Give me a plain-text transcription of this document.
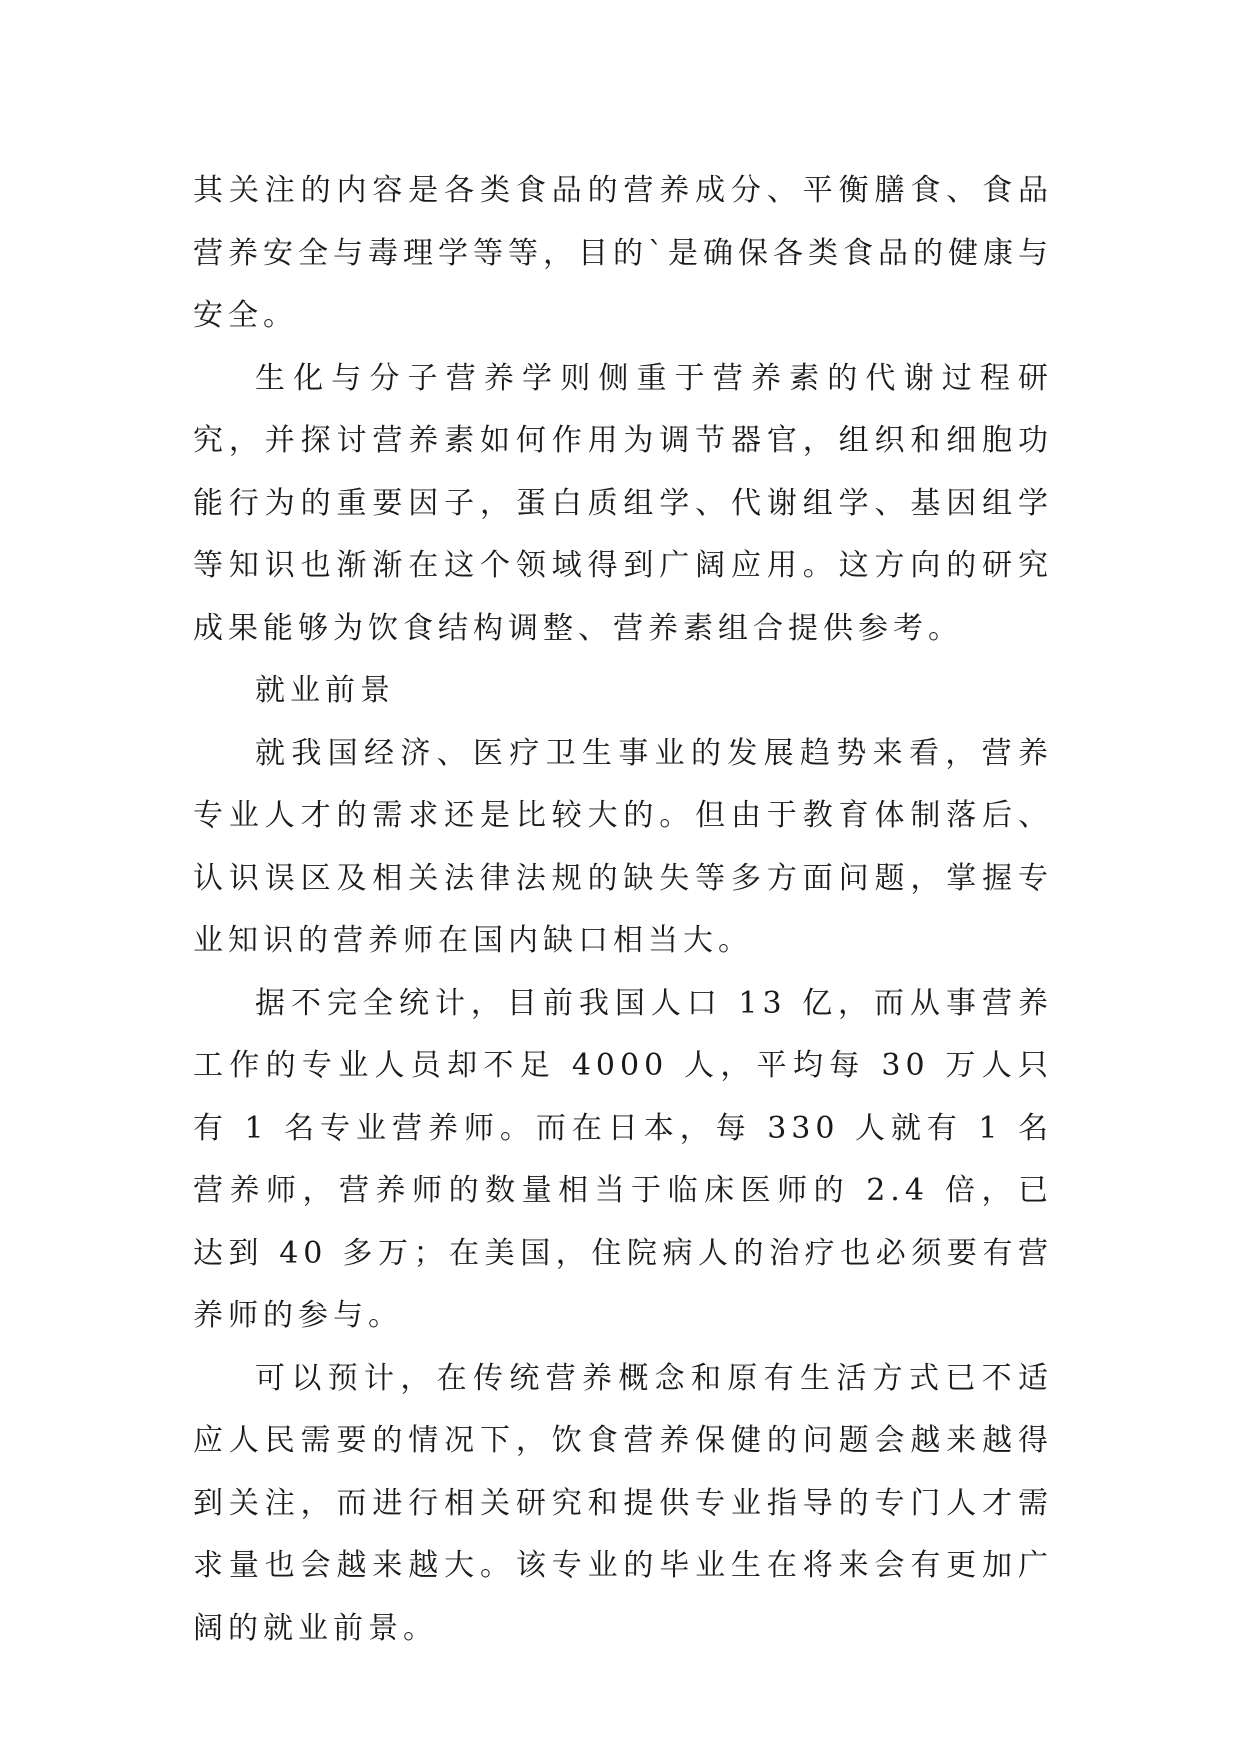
其关注的内容是各类食品的营养成分、平衡膳食、食品营养安全与毒理学等等，目的`是确保各类食品的健康与安全。

生化与分子营养学则侧重于营养素的代谢过程研究，并探讨营养素如何作用为调节器官，组织和细胞功能行为的重要因子，蛋白质组学、代谢组学、基因组学等知识也渐渐在这个领域得到广阔应用。这方向的研究成果能够为饮食结构调整、营养素组合提供参考。

就业前景

就我国经济、医疗卫生事业的发展趋势来看，营养专业人才的需求还是比较大的。但由于教育体制落后、认识误区及相关法律法规的缺失等多方面问题，掌握专业知识的营养师在国内缺口相当大。

据不完全统计，目前我国人口 13 亿，而从事营养工作的专业人员却不足 4000 人，平均每 30 万人只有 1 名专业营养师。而在日本，每 330 人就有 1 名营养师，营养师的数量相当于临床医师的 2.4 倍，已达到 40 多万；在美国，住院病人的治疗也必须要有营养师的参与。

可以预计，在传统营养概念和原有生活方式已不适应人民需要的情况下，饮食营养保健的问题会越来越得到关注，而进行相关研究和提供专业指导的专门人才需求量也会越来越大。该专业的毕业生在将来会有更加广阔的就业前景。
